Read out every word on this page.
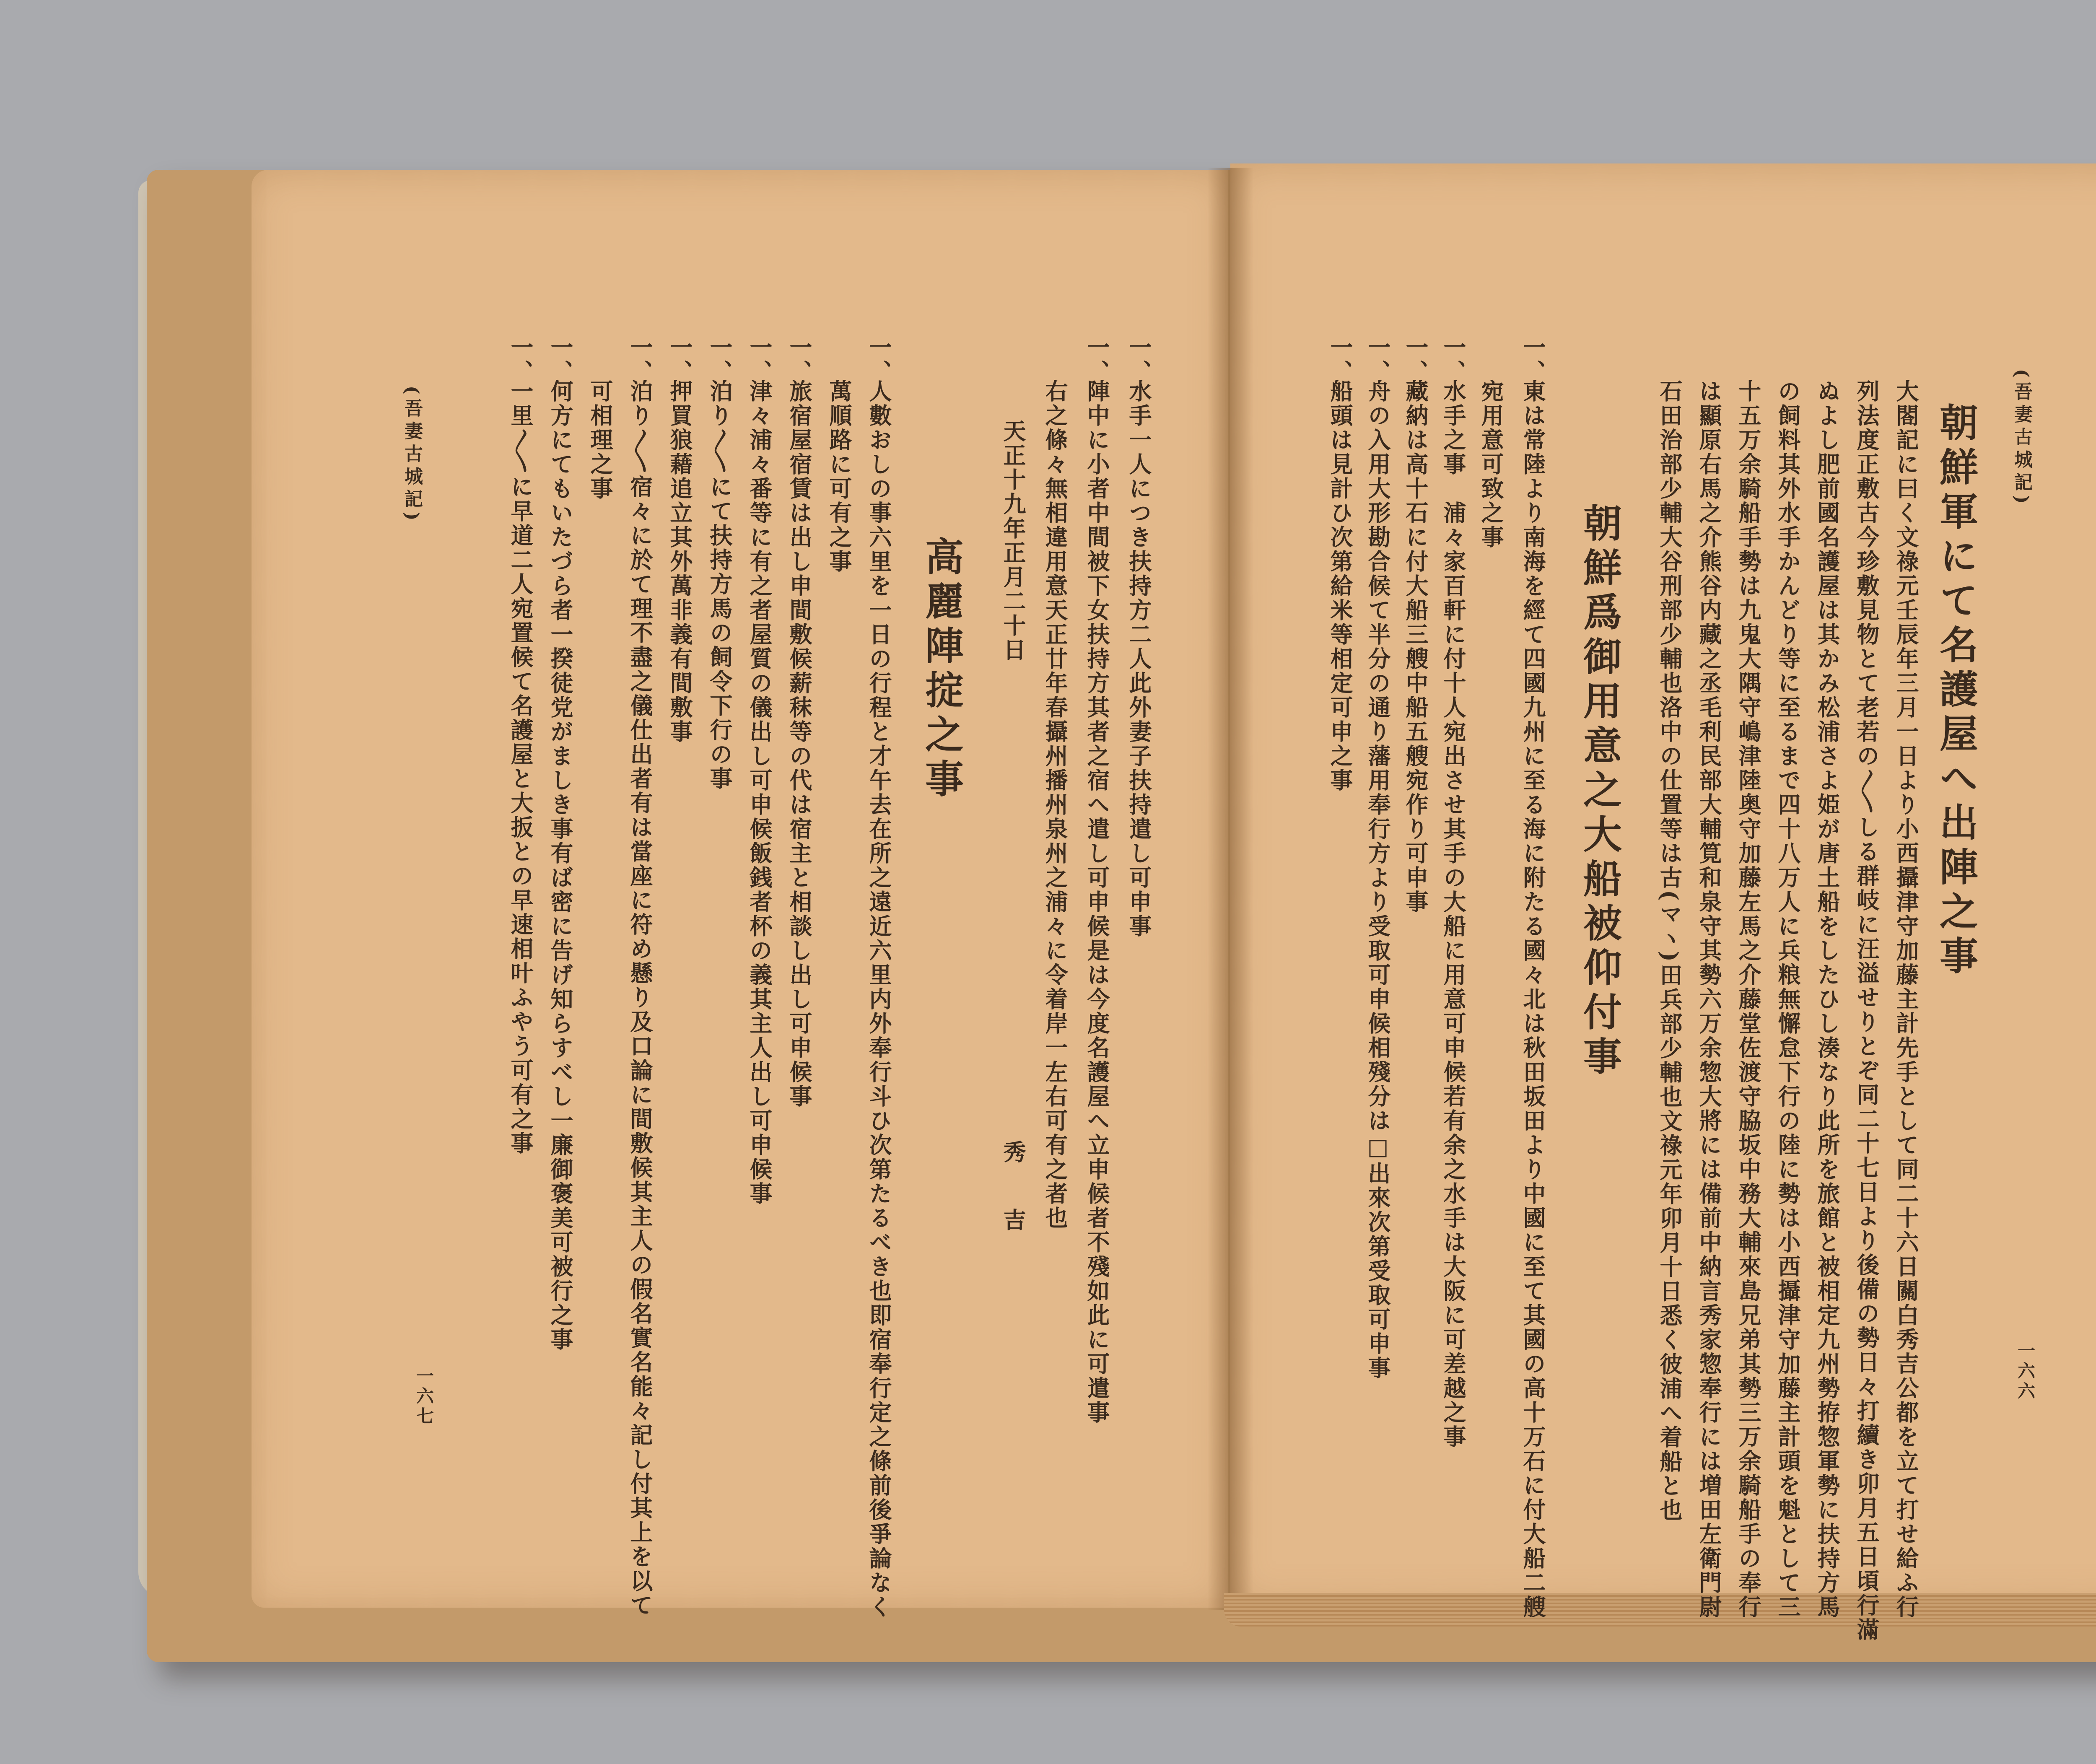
(吾妻古城記)
一六六
朝鮮軍にて名護屋へ出陣之事
大閤記に曰く文祿元壬辰年三月一日より小西攝津守加藤主計先手として同二十六日關白秀吉公都を立て打せ給ふ行
列法度正敷古今珍敷見物とて老若の〳〵しる群岐に汪溢せりとぞ同二十七日より後備の勢日々打續き卯月五日頃行滿
ぬよし肥前國名護屋は其かみ松浦さよ姫が唐土船をしたひし湊なり此所を旅館と被相定九州勢拵惣軍勢に扶持方馬
の飼料其外水手かんどり等に至るまで四十八万人に兵粮無懈怠下行の陸に勢は小西攝津守加藤主計頭を魁として三
十五万余騎船手勢は九鬼大隅守嶋津陸奥守加藤左馬之介藤堂佐渡守脇坂中務大輔來島兄弟其勢三万余騎船手の奉行
は顯原右馬之介熊谷内藏之丞毛利民部大輔筧和泉守其勢六万余惣大將には備前中納言秀家惣奉行には増田左衛門尉
石田治部少輔大谷刑部少輔也洛中の仕置等は古(マヽ)田兵部少輔也文祿元年卯月十日悉く彼浦へ着船と也
朝鮮爲御用意之大船被仰付事
一、
東は常陸より南海を經て四國九州に至る海に附たる國々北は秋田坂田より中國に至て其國の高十万石に付大船二艘
宛用意可致之事
一、
水手之事　浦々家百軒に付十人宛出させ其手の大船に用意可申候若有余之水手は大阪に可差越之事
一、
藏納は高十石に付大船三艘中船五艘宛作り可申事
一、
舟の入用大形勘合候て半分の通り藩用奉行方より受取可申候相殘分は□出來次第受取可申事
一、
船頭は見計ひ次第給米等相定可申之事
一、
水手一人につき扶持方二人此外妻子扶持遣し可申事
一、
陣中に小者中間被下女扶持方其者之宿へ遣し可申候是は今度名護屋へ立申候者不殘如此に可遣事
右之條々無相違用意天正廿年春攝州播州泉州之浦々に令着岸一左右可有之者也
天正十九年正月二十日
秀　　吉
高麗陣掟之事
一、
人數おしの事六里を一日の行程と才午去在所之遠近六里内外奉行斗ひ次第たるべき也即宿奉行定之條前後爭論なく
萬順路に可有之事
一、
旅宿屋宿賃は出し申間敷候薪秣等の代は宿主と相談し出し可申候事
一、
津々浦々番等に有之者屋質の儀出し可申候飯銭者杯の義其主人出し可申候事
一、
泊り〳〵にて扶持方馬の飼令下行の事
一、
押買狼藉追立其外萬非義有間敷事
一、
泊り〳〵宿々に於て理不盡之儀仕出者有は當座に符め懸り及口論に間敷候其主人の假名實名能々記し付其上を以て
可相理之事
一、
何方にてもいたづら者一揆徒党がましき事有ば密に告げ知らすべし一廉御褒美可被行之事
一、
一里〳〵に早道二人宛置候て名護屋と大扳との早速相叶ふやう可有之事
(吾妻古城記)
一六七
